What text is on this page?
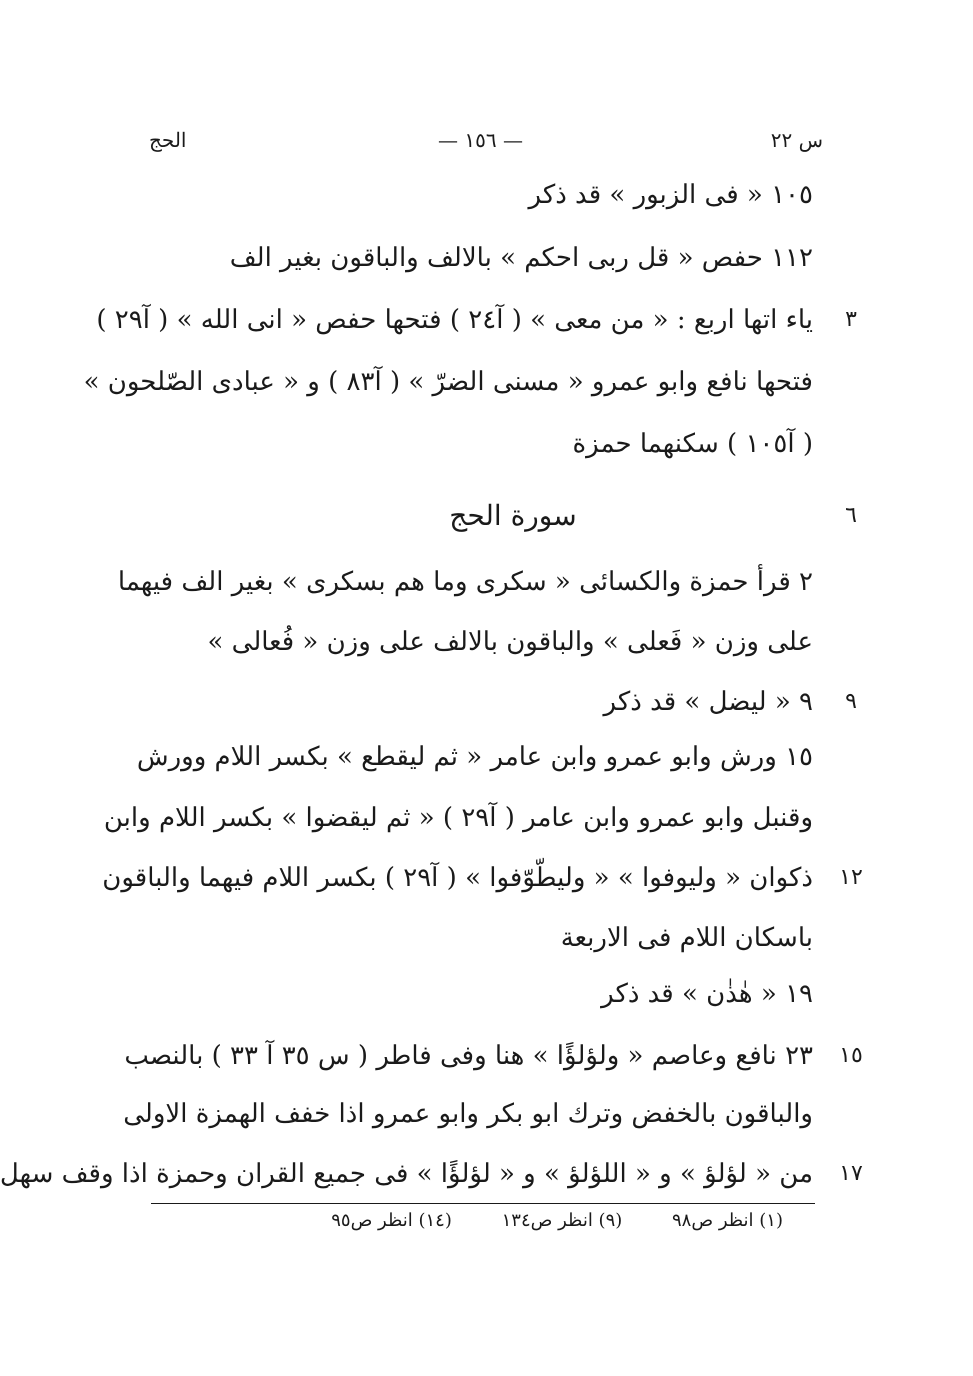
س ٢٢
— ١٥٦ —
الحج
١٠٥ « فى الزبور » قد ذكر
١١٢ حفص « قل ربى احكم » بالالف والباقون بغير الف
٣
ياء اتها اربع : « من معى » ( آ٢٤ ) فتحها حفص « انى الله » ( آ٢٩ )
فتحها نافع وابو عمرو « مسنى الضرّ » ( آ٨٣ ) و « عبادى الصّلحون »
( آ١٠٥ ) سكنهما حمزة
٦
سورة الحج
٢ قرأ حمزة والكسائى « سكرى وما هم بسكرى » بغير الف فيهما
على وزن « فَعلى » والباقون بالالف على وزن « فُعالى »
٩
٩ « ليضل » قد ذكر
١٥ ورش وابو عمرو وابن عامر « ثم ليقطع » بكسر اللام وورش
وقنبل وابو عمرو وابن عامر ( آ٢٩ ) « ثم ليقضوا » بكسر اللام وابن
١٢
ذكوان « وليوفوا » « وليطّوّفوا » ( آ٢٩ ) بكسر اللام فيهما والباقون
باسكان اللام فى الاربعة
١٩ « هٰذٰن » قد ذكر
١٥
٢٣ نافع وعاصم « ولؤلؤًا » هنا وفى فاطر ( س ٣٥ آ ٣٣ ) بالنصب
والباقون بالخفض وترك ابو بكر وابو عمرو اذا خفف الهمزة الاولى
١٧
من « لؤلؤ » و « اللؤلؤ » و « لؤلؤًا » فى جميع القران وحمزة اذا وقف سهل
(١) انظر ص٩٨ (٩) انظر ص١٣٤ (١٤) انظر ص٩٥
